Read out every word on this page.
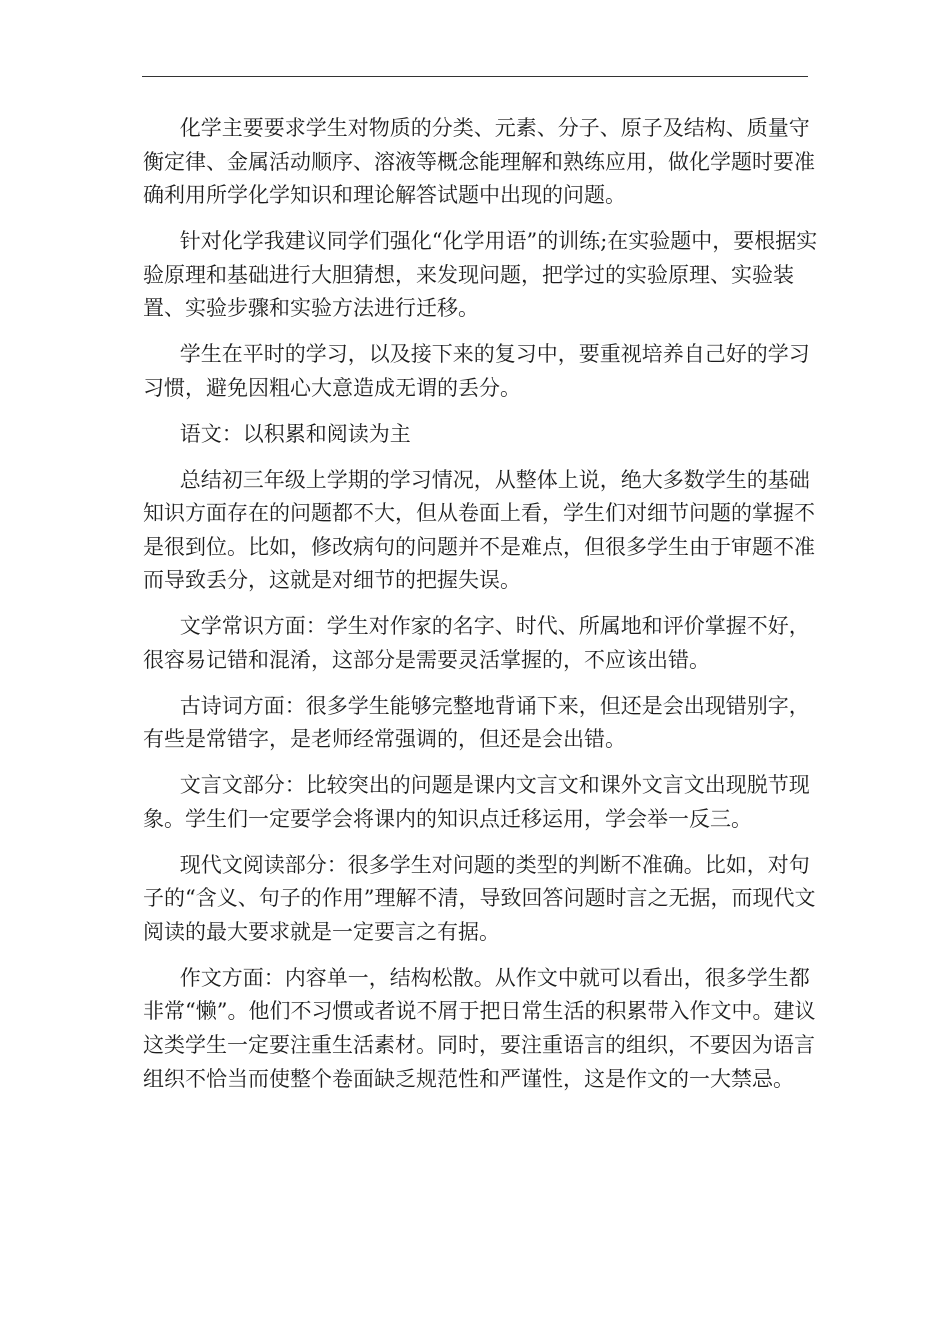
化学主要要求学生对物质的分类、元素、分子、原子及结构、质量守衡定律、金属活动顺序、溶液等概念能理解和熟练应用，做化学题时要准确利用所学化学知识和理论解答试题中出现的问题。

针对化学我建议同学们强化“化学用语”的训练;在实验题中，要根据实验原理和基础进行大胆猜想，来发现问题，把学过的实验原理、实验装置、实验步骤和实验方法进行迁移。

学生在平时的学习，以及接下来的复习中，要重视培养自己好的学习习惯，避免因粗心大意造成无谓的丢分。

语文：以积累和阅读为主

总结初三年级上学期的学习情况，从整体上说，绝大多数学生的基础知识方面存在的问题都不大，但从卷面上看，学生们对细节问题的掌握不是很到位。比如，修改病句的问题并不是难点，但很多学生由于审题不准而导致丢分，这就是对细节的把握失误。

文学常识方面：学生对作家的名字、时代、所属地和评价掌握不好，很容易记错和混淆，这部分是需要灵活掌握的，不应该出错。

古诗词方面：很多学生能够完整地背诵下来，但还是会出现错别字，有些是常错字，是老师经常强调的，但还是会出错。

文言文部分：比较突出的问题是课内文言文和课外文言文出现脱节现象。学生们一定要学会将课内的知识点迁移运用，学会举一反三。

现代文阅读部分：很多学生对问题的类型的判断不准确。比如，对句子的“含义、句子的作用”理解不清，导致回答问题时言之无据，而现代文阅读的最大要求就是一定要言之有据。

作文方面：内容单一，结构松散。从作文中就可以看出，很多学生都非常“懒”。他们不习惯或者说不屑于把日常生活的积累带入作文中。建议这类学生一定要注重生活素材。同时，要注重语言的组织，不要因为语言组织不恰当而使整个卷面缺乏规范性和严谨性，这是作文的一大禁忌。
